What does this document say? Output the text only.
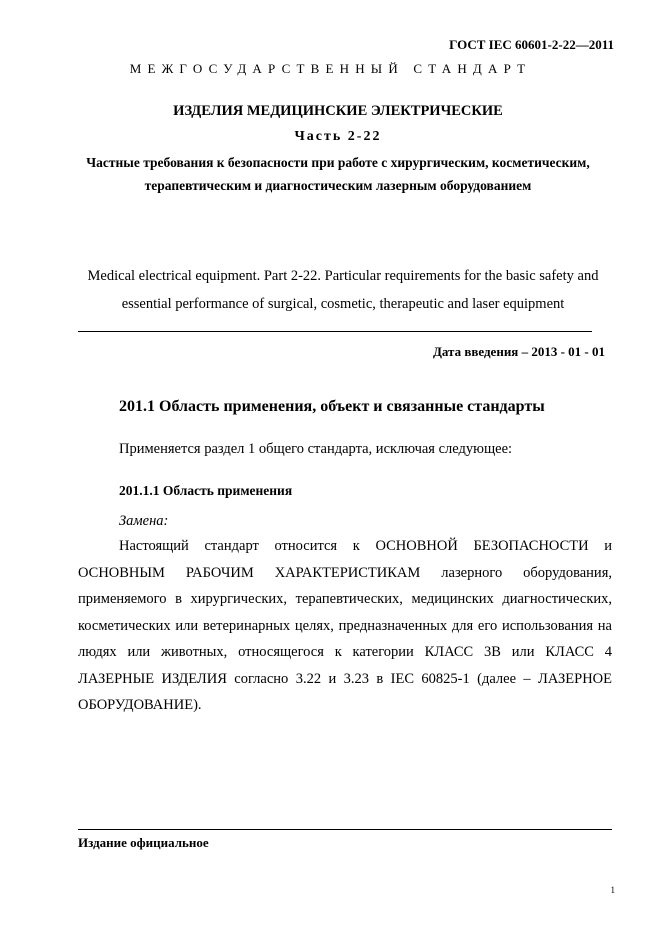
ГОСТ IEC 60601-2-22—2011
МЕЖГОСУДАРСТВЕННЫЙ СТАНДАРТ
ИЗДЕЛИЯ МЕДИЦИНСКИЕ ЭЛЕКТРИЧЕСКИЕ
Часть 2-22
Частные требования к безопасности при работе с хирургическим, косметическим, терапевтическим и диагностическим лазерным оборудованием
Medical electrical equipment. Part 2-22. Particular requirements for the basic safety and essential performance of surgical, cosmetic, therapeutic and laser equipment
Дата введения – 2013 - 01 - 01
201.1 Область применения, объект и связанные стандарты
Применяется раздел 1 общего стандарта, исключая следующее:
201.1.1 Область применения
Замена:

Настоящий стандарт относится к ОСНОВНОЙ БЕЗОПАСНОСТИ и ОСНОВНЫМ РАБОЧИМ ХАРАКТЕРИСТИКАМ лазерного оборудования, применяемого в хирургических, терапевтических, медицинских диагностических, косметических или ветеринарных целях, предназначенных для его использования на людях или животных, относящегося к категории КЛАСС 3В или КЛАСС 4 ЛАЗЕРНЫЕ ИЗДЕЛИЯ согласно 3.22 и 3.23 в IEC 60825-1 (далее – ЛАЗЕРНОЕ ОБОРУДОВАНИЕ).

Издание официальное
1
